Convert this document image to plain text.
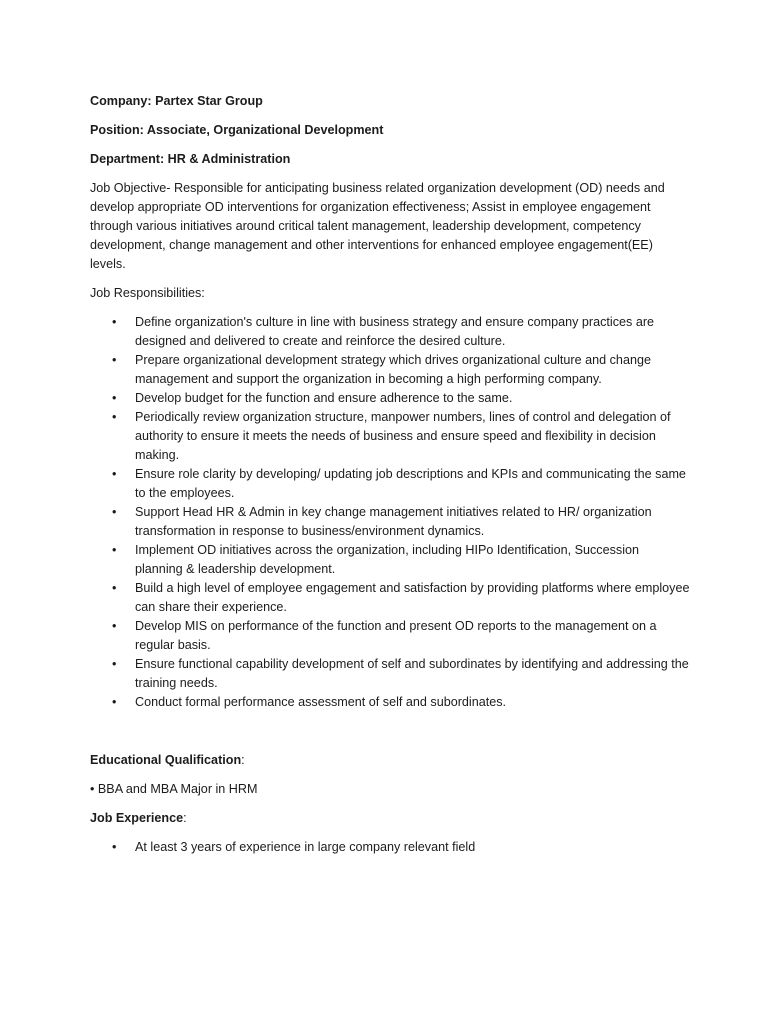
Company: Partex Star Group
Position: Associate, Organizational Development
Department: HR & Administration
Job Objective- Responsible for anticipating business related organization development (OD) needs and develop appropriate OD interventions for organization effectiveness; Assist in employee engagement through various initiatives around critical talent management, leadership development, competency development, change management and other interventions for enhanced employee engagement(EE) levels.
Job Responsibilities:
• Define organization's culture in line with business strategy and ensure company practices are designed and delivered to create and reinforce the desired culture.
• Prepare organizational development strategy which drives organizational culture and change management and support the organization in becoming a high performing company.
• Develop budget for the function and ensure adherence to the same.
• Periodically review organization structure, manpower numbers, lines of control and delegation of authority to ensure it meets the needs of business and ensure speed and flexibility in decision making.
• Ensure role clarity by developing/ updating job descriptions and KPIs and communicating the same to the employees.
• Support Head HR & Admin in key change management initiatives related to HR/ organization transformation in response to business/environment dynamics.
• Implement OD initiatives across the organization, including HIPo Identification, Succession planning & leadership development.
• Build a high level of employee engagement and satisfaction by providing platforms where employee can share their experience.
• Develop MIS on performance of the function and present OD reports to the management on a regular basis.
• Ensure functional capability development of self and subordinates by identifying and addressing the training needs.
• Conduct formal performance assessment of self and subordinates.
Educational Qualification:
• BBA and MBA Major in HRM
Job Experience:
• At least 3 years of experience in large company relevant field
